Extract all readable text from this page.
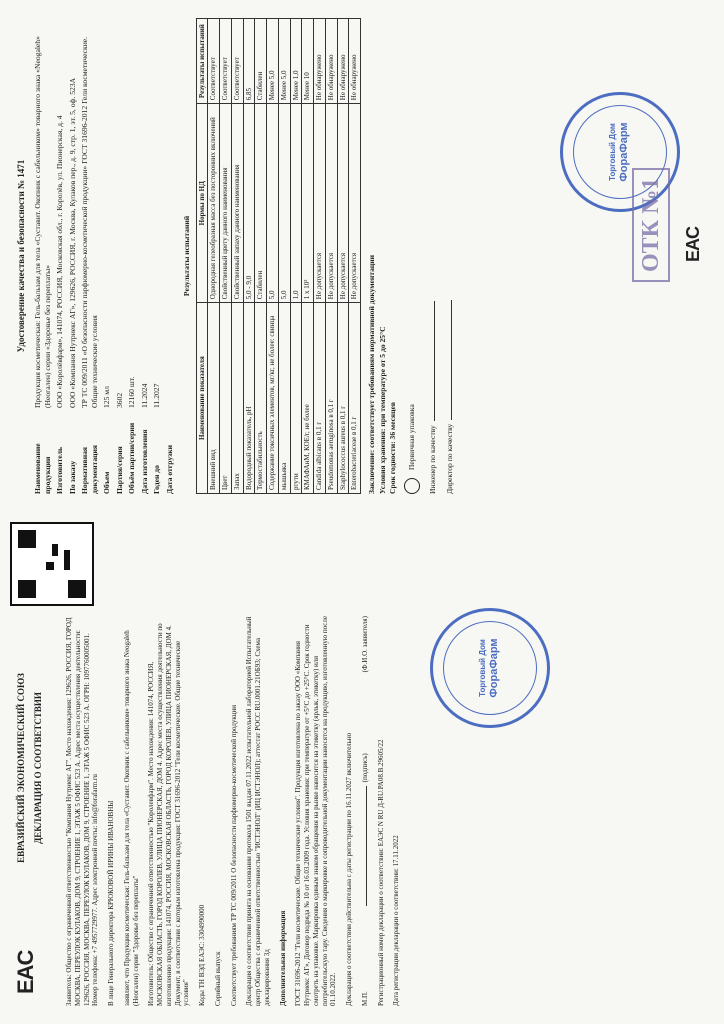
ЕВРАЗИЙСКИЙ ЭКОНОМИЧЕСКИЙ СОЮЗ ДЕКЛАРАЦИЯ О СООТВЕТСТВИИ
EAC	Заявитель: Общество с ограниченной ответственностью "Компания Нутриекс АГ". Место нахождения: 129626, РОССИЯ, ГОРОД МОСКВА, ПЕРЕУЛОК КУЛАКОВ, ДОМ 9, СТРОЕНИЕ 1, ЭТАЖ 5 ОФИС 523 А. Адрес места осуществления деятельности: 129626, РОССИЯ, МОСКВА, ПЕРЕУЛОК КУЛАКОВ, ДОМ 9, СТРОЕНИЕ 1, ЭТАЖ 5 ОФИС 523 А. ОГРН: 1097760005001. Номер телефона: +7 4957729977. Адрес электронной почты: info@forafarm.ru В лице Генерального директора КРЮКОВОЙ ИРИНЫ ИВАНОВНЫ заявляет, что Продукция косметическая: Гель-бальзам для тела «Суставит. Окопник с сабельником» товарного знака Neogaleh (Неогален) серии "Здоровье без переплаты" Изготовитель: Общество с ограниченной ответственностью "Королевфарм". Место нахождения: 141074, РОССИЯ, МОСКОВСКАЯ ОБЛАСТЬ, ГОРОД КОРОЛЕВ, УЛИЦА ПИОНЕРСКАЯ, ДОМ 4. Адрес места осуществления деятельности по изготовлению продукции: 141074, РОССИЯ, МОСКОВСКАЯ ОБЛАСТЬ, ГОРОД КОРОЛЕВ, УЛИЦА ПИОНЕРСКАЯ, ДОМ 4. Документ, в соответствии с которым изготовлена продукция: ГОСТ 31696-2012 "Гели косметические. Общие технические условия" Коды ТН ВЭД ЕАЭС: 3304990000 Серийный выпуск Соответствует требованиям ТР ТС 009/2011 О безопасности парфюмерно-косметической продукции Декларация о соответствии принята на основании протокола 1501 выдан 07.11.2022 испытательной лабораторией Испытательный центр Общества с ограниченной ответственностью "ИСТЭНОЛ" (ИЦ ИСТЭНОЛ); аттестат РОСС RU.0001.21ОБ93; Схема декларирования 3д Дополнительная информация ГОСТ 31696-2012 "Гели косметические. Общие технические условия". Продукция изготовлена по заказу ООО «Компания Нутриекс АГ», Договор подряда № 10 от 16.03.2009 года. Условия хранения: при температуре от +5°С до +25°С. Срок годности смотреть на упаковке. Маркировка единым знаком обращения на рынке наносится на этикетку (ярлык, этикетку) или потребительскую тару. Сведения о маркировке и сопроводительной документации наносятся на продукцию, изготовленную после 01.10.2022. Декларация о соответствии действительна с даты регистрации по 16.11.2027 включительно М.П.
(подпись)
(Ф.И.О. заявителя)

Регистрационный номер декларации о соответствии: ЕАЭС N RU Д-RU.РА08.В.29605/22 Дата регистрации декларации о соответствии: 17.11.2022

Торговый Дом ФораФарм
Удостоверение качества и безопасности № 1471
Наименование продукции
Продукция косметическая: Гель-бальзам для тела «Суставит. Окопник с сабельником» товарного знака «Neogaleh» (Неогален) серии «Здоровье без переплаты»
Изготовитель
ООО «Королёвфарм», 141074, РОССИЯ, Московская обл., г. Королёв, ул. Пионерская, д. 4
По заказу
ООО «Компания Нутриекс АГ», 129626, РОССИЯ, г. Москва, Кулаков пер., д. 9, стр. 1, эт. 5, оф. 523А
Нормативная документация
ТР ТС 009/2011 «О безопасности парфюмерно-косметической продукции» ГОСТ 31696-2012 Гели косметические. Общие технические условия
Объем
125 мл
Партия/серия
3602
Объём партии/серии
12160 шт.
Дата изготовления
11.2024
Годен до
11.2027
Дата отгрузки
Результаты испытаний
Наименование показателя	Нормы по НД	Результаты испытаний
Внешний вид	Однородная гелеобразная масса без посторонних включений	Соответствует
Цвет	Свойственный цвету данного наименования	Соответствует
Запах	Свойственный запаху данного наименования	Соответствует
Водородный показатель, pH	5,0 - 9,0	6,85
Термостабильность	Стабилен	Стабилен
Содержание токсичных элементов, мг/кг, не более: свинца	5,0	Менее 5,0
мышьяка	5,0	Менее 5,0
ртути	1,0	Менее 1,0
КМАФАнМ, КОЕ/г, не более	1 х 10³	Менее 10
Candida albicans в 0,1 г	Не допускается	Не обнаружено
Pseudomonas aeruginosa в 0,1 г	Не допускается	Не обнаружено
Staphylococcus aureus в 0,1 г	Не допускается	Не обнаружено
Enterobacteriaceae в 0,1 г	Не допускается	Не обнаружено

Заключение: соответствует требованиям нормативной документации Условия хранения: при температуре от 5 до 25°С Срок годности: 36 месяцев	Первичная упаковка	Инженер по качеству Директор по качеству
Торговый Дом ФораФарм
ОТК №1	EAC
